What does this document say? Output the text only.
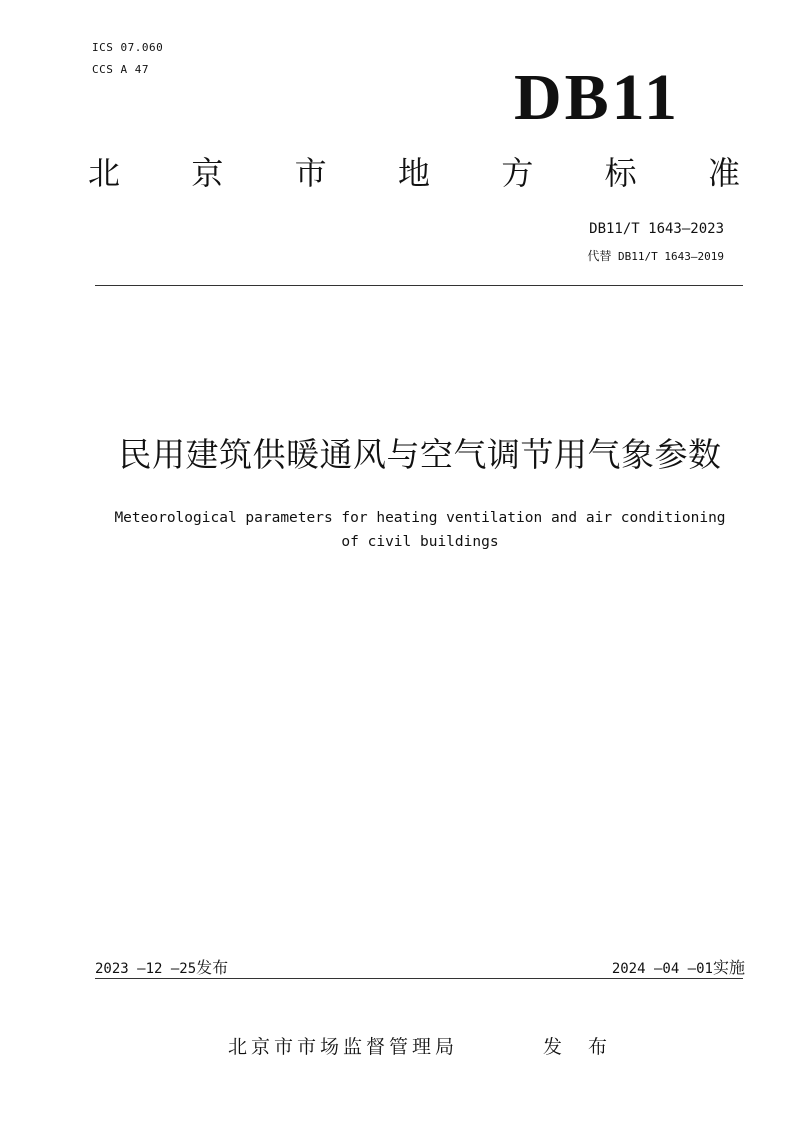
ICS 07.060
CCS A 47	DB11
北 京 市 地 方 标 准
DB11/T 1643—2023
代替 DB11/T 1643—2019
民用建筑供暖通风与空气调节用气象参数
Meteorological parameters for heating ventilation and air conditioning
of civil buildings
2023 —12 —25发布	2024 —04 —01实施
北京市市场监督管理局	发 布
